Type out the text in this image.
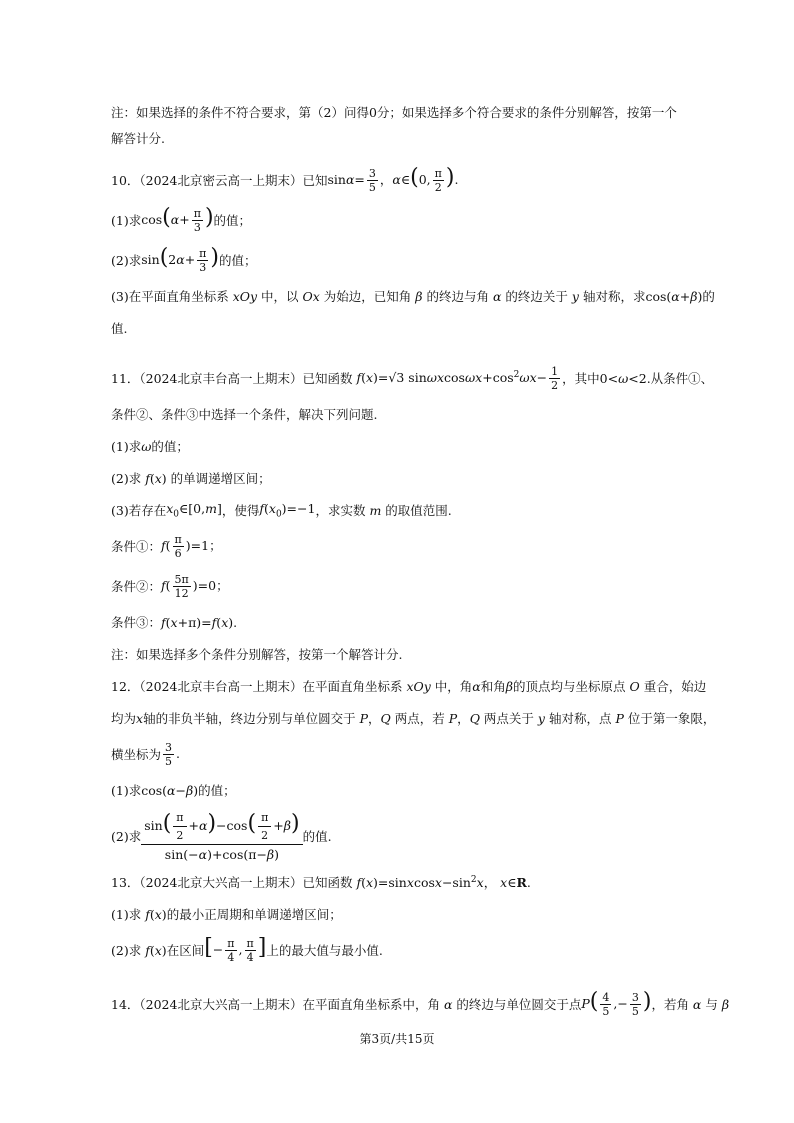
注：如果选择的条件不符合要求，第（2）问得0分；如果选择多个符合要求的条件分别解答，按第一个解答计分.

10．（2024北京密云高一上期末）已知 $\sin\alpha= \frac{3}{5}$ ，α∈(0, $\frac{\pi}{2}$ ).
(1)求 $\cos(\alpha+ \frac{\pi}{3}$ ) 的值；
(2)求 $\sin(2\alpha+ \frac{\pi}{3}$ ) 的值；
(3)在平面直角坐标系 xOy 中，以 Ox 为始边，已知角 β 的终边与角 α 的终边关于 y 轴对称，求 cos(α+β) 的
值.
11．（2024北京丰台高一上期末）已知函数 f(x)=√3 $\sin\omega xcos\omega x+\cos^2\omega x- \frac{1}{2}$ ，其中 0<ω<2 .从条件①、
条件②、条件③中选择一个条件，解决下列问题.
(1)求 ω 的值；
(2)求 f(x) 的单调递增区间；
(3)若存在 $x_0\in[0,m]$ ，使得 $f(x_0)=-1$ ，求实数 m 的取值范围.
条件①： $f( \frac{\pi}{6} )=1$；
条件②： $f( \frac{5\pi}{12} )=0$；
条件③： f(x+π)=f(x).
注：如果选择多个条件分别解答，按第一个解答计分.
12．（2024北京丰台高一上期末）在平面直角坐标系 xOy 中，角 α 和角 β 的顶点均与坐标原点 O 重合，始边
均为 x 轴的非负半轴，终边分别与单位圆交于 P，Q 两点，若 P，Q 两点关于 y 轴对称，点 P 位于第一象限，
横坐标为 $\frac{3}{5}$ .
(1)求 cos(α−β) 的值；
(2)求 $\frac{\sin( \frac{\pi}{2} +\alpha)-\cos( \frac{\pi}{2} +\beta)}{\sin(-\alpha)+\cos(\pi-\beta)}$ 的值.
13．（2024北京大兴高一上期末）已知函数 $f(x)=sinxcosx-\sin^2x$， x∈R.
(1)求 f(x) 的最小正周期和单调递增区间；
(2)求 f(x) 在区间 [− $\frac{\pi}{4}$ , $\frac{\pi}{4}$ ] 上的最大值与最小值.
14．（2024北京大兴高一上期末）在平面直角坐标系中，角 α 的终边与单位圆交于点 $P( \frac{4}{5}$ ,− $\frac{3}{5}$ ) ，若角 α 与 β
第3页/共15页
